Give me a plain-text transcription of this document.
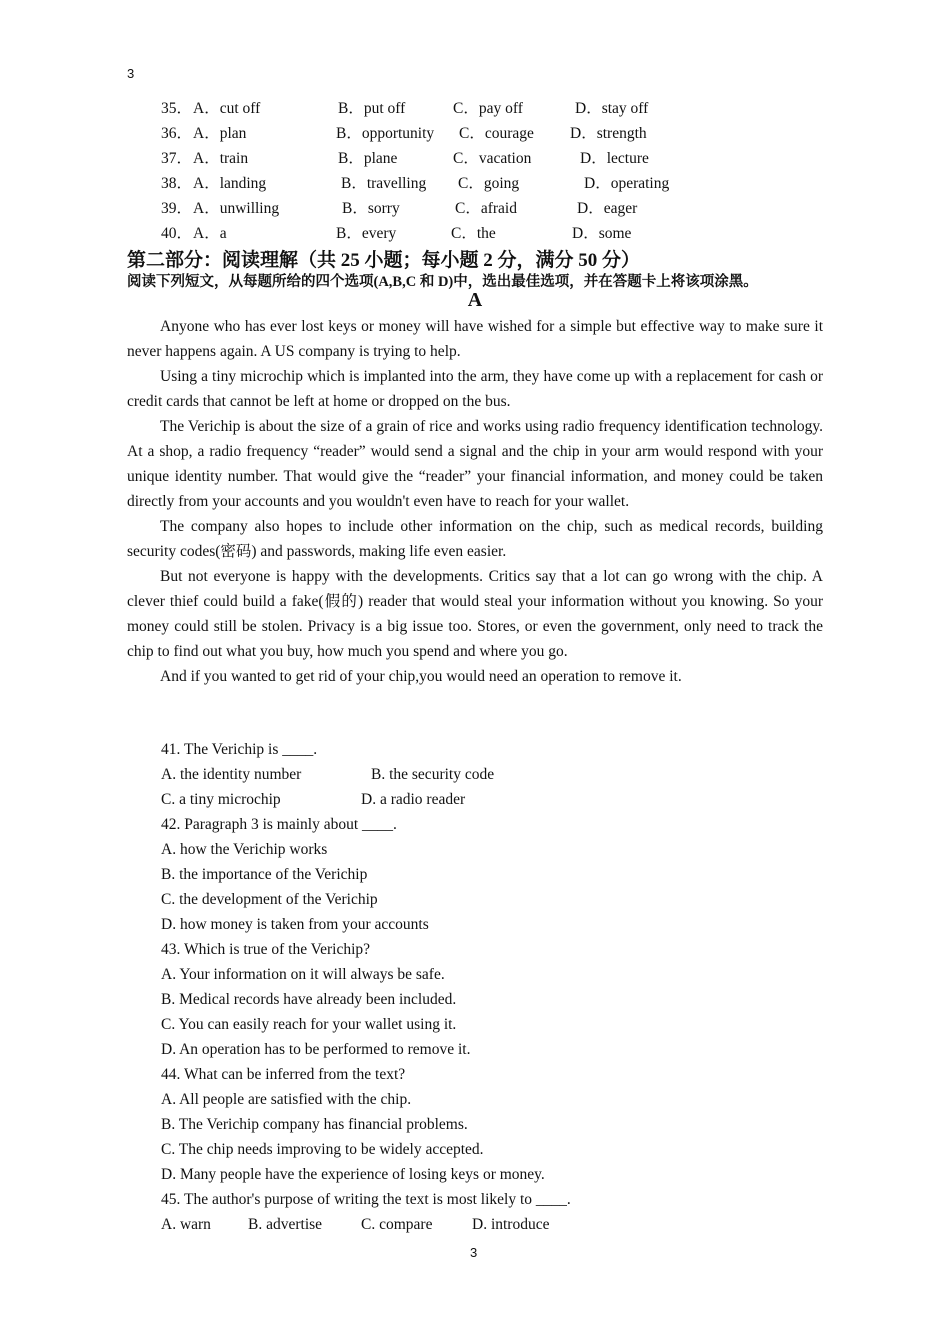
3
35． A．cut off	B．put off	C．pay off	D．stay off
36． A．plan	B．opportunity C．courage D．strength
37． A．train	B．plane	C．vacation	D．lecture
38． A．landing	B．travelling C．going	D．operating
39． A．unwilling	B．sorry	C．afraid	D．eager
40． A．a	B．every	C．the	D．some
第二部分：阅读理解（共 25 小题；每小题 2 分，满分 50 分）
阅读下列短文，从每题所给的四个选项(A,B,C 和 D)中，选出最佳选项，并在答题卡上将该项涂黑。
A

Anyone who has ever lost keys or money will have wished for a simple but effective way to make sure it never happens again. A US company is trying to help.

Using a tiny microchip which is implanted into the arm, they have come up with a replacement for cash or credit cards that cannot be left at home or dropped on the bus.

The Verichip is about the size of a grain of rice and works using radio frequency identification technology. At a shop, a radio frequency “reader” would send a signal and the chip in your arm would respond with your unique identity number. That would give the “reader” your financial information, and money could be taken directly from your accounts and you wouldn't even have to reach for your wallet.

The company also hopes to include other information on the chip, such as medical records, building security codes(密码) and passwords, making life even easier.

But not everyone is happy with the developments. Critics say that a lot can go wrong with the chip. A clever thief could build a fake(假的) reader that would steal your information without you knowing. So your money could still be stolen. Privacy is a big issue too. Stores, or even the government, only need to track the chip to find out what you buy, how much you spend and where you go.

And if you wanted to get rid of your chip,you would need an operation to remove it.

41. The Verichip is ____.
A. the identity number	B. the security code
C. a tiny microchip	D. a radio reader
42. Paragraph 3 is mainly about ____.
A. how the Verichip works
B. the importance of the Verichip
C. the development of the Verichip
D. how money is taken from your accounts
43. Which is true of the Verichip?
A. Your information on it will always be safe.
B. Medical records have already been included.
C. You can easily reach for your wallet using it.
D. An operation has to be performed to remove it.
44. What can be inferred from the text?
A. All people are satisfied with the chip.
B. The Verichip company has financial problems.
C. The chip needs improving to be widely accepted.
D. Many people have the experience of losing keys or money.
45. The author's purpose of writing the text is most likely to ____.
A. warn B. advertise	C. compare	D. introduce
3
